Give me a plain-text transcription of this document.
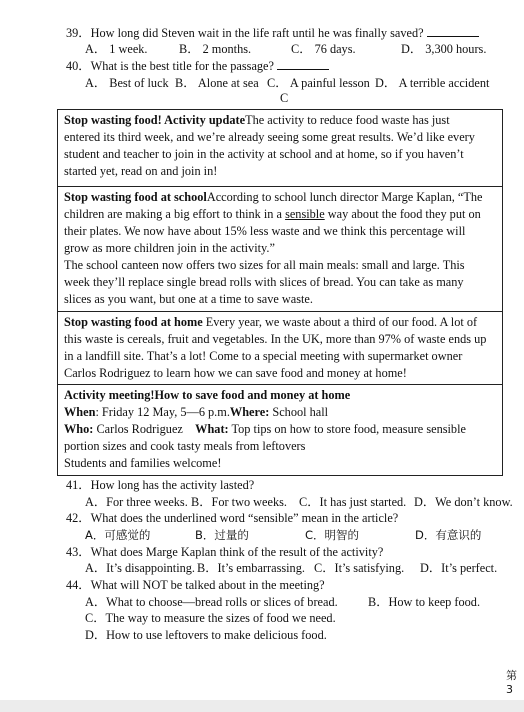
39．How long did Steven wait in the life raft until he was finally saved?
A． 1 week.	B． 2 months.	C． 76 days.	D． 3,300 hours.
40．What is the best title for the passage?
A． Best of luck B． Alone at sea C． A painful lesson D． A terrible accident
C

Stop wasting food! Activity updateThe activity to reduce food waste has just

entered its third week, and we’re already seeing some great results. We’d like every

student and teacher to join in the activity at school and at home, so if you haven’t

started yet, read on and join in!

Stop wasting food at schoolAccording to school lunch director Marge Kaplan, “The

children are making a big effort to think in a sensible way about the food they put on

their plates. We now have about 15% less waste and we think this percentage will

grow as more children join in the activity.”

The school canteen now offers two sizes for all main meals: small and large. This

week they’ll replace single bread rolls with slices of bread. You can take as many

slices as you want, but one at a time to save waste.

Stop wasting food at home Every year, we waste about a third of our food. A lot of

this waste is cereals, fruit and vegetables. In the UK, more than 97% of waste ends up

in a landfill site. That’s a lot! Come to a special meeting with supermarket owner

Carlos Rodriguez to learn how we can save food and money at home!

Activity meeting!How to save food and money at home

When: Friday 12 May, 5—6 p.m.Where: School hall

Who: Carlos Rodriguez What: Top tips on how to store food, measure sensible

portion sizes and cook tasty meals from leftovers

Students and families welcome!

41．How long has the activity lasted?
A．For three weeks. B．For two weeks. C．It has just started. D．We don’t know.
42．What does the underlined word “sensible” mean in the article?
A．可感觉的	B．过量的	C．明智的	D．有意识的
43．What does Marge Kaplan think of the result of the activity?
A．It’s disappointing. B．It’s embarrassing. C．It’s satisfying. D．It’s perfect.
44．What will NOT be talked about in the meeting?
A．What to choose—bread rolls or slices of bread. B．How to keep food.
C．The way to measure the sizes of food we need.
D．How to use leftovers to make delicious food.
第 3
